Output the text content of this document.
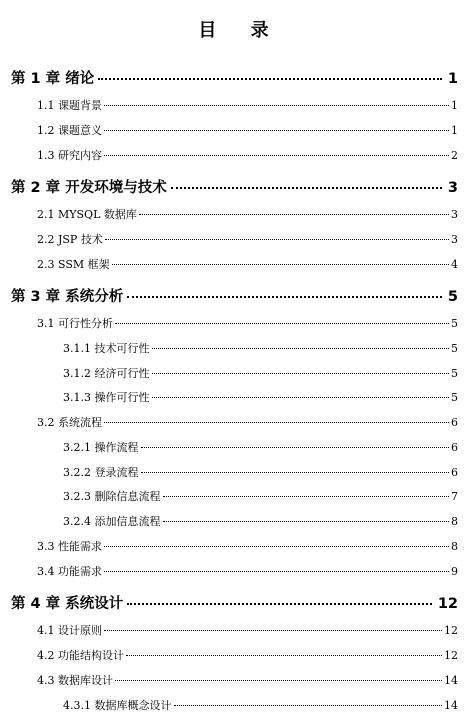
目 录
第 1 章 绪论	1
1.1 课题背景	1
1.2 课题意义	1
1.3 研究内容	2
第 2 章 开发环境与技术	3
2.1 MYSQL 数据库	3
2.2 JSP 技术	3
2.3 SSM 框架	4
第 3 章 系统分析	5
3.1 可行性分析	5
3.1.1 技术可行性	5
3.1.2 经济可行性	5
3.1.3 操作可行性	5
3.2 系统流程	6
3.2.1 操作流程	6
3.2.2 登录流程	6
3.2.3 删除信息流程	7
3.2.4 添加信息流程	8
3.3 性能需求	8
3.4 功能需求	9
第 4 章 系统设计	12
4.1 设计原则	12
4.2 功能结构设计	12
4.3 数据库设计	14
4.3.1 数据库概念设计	14
